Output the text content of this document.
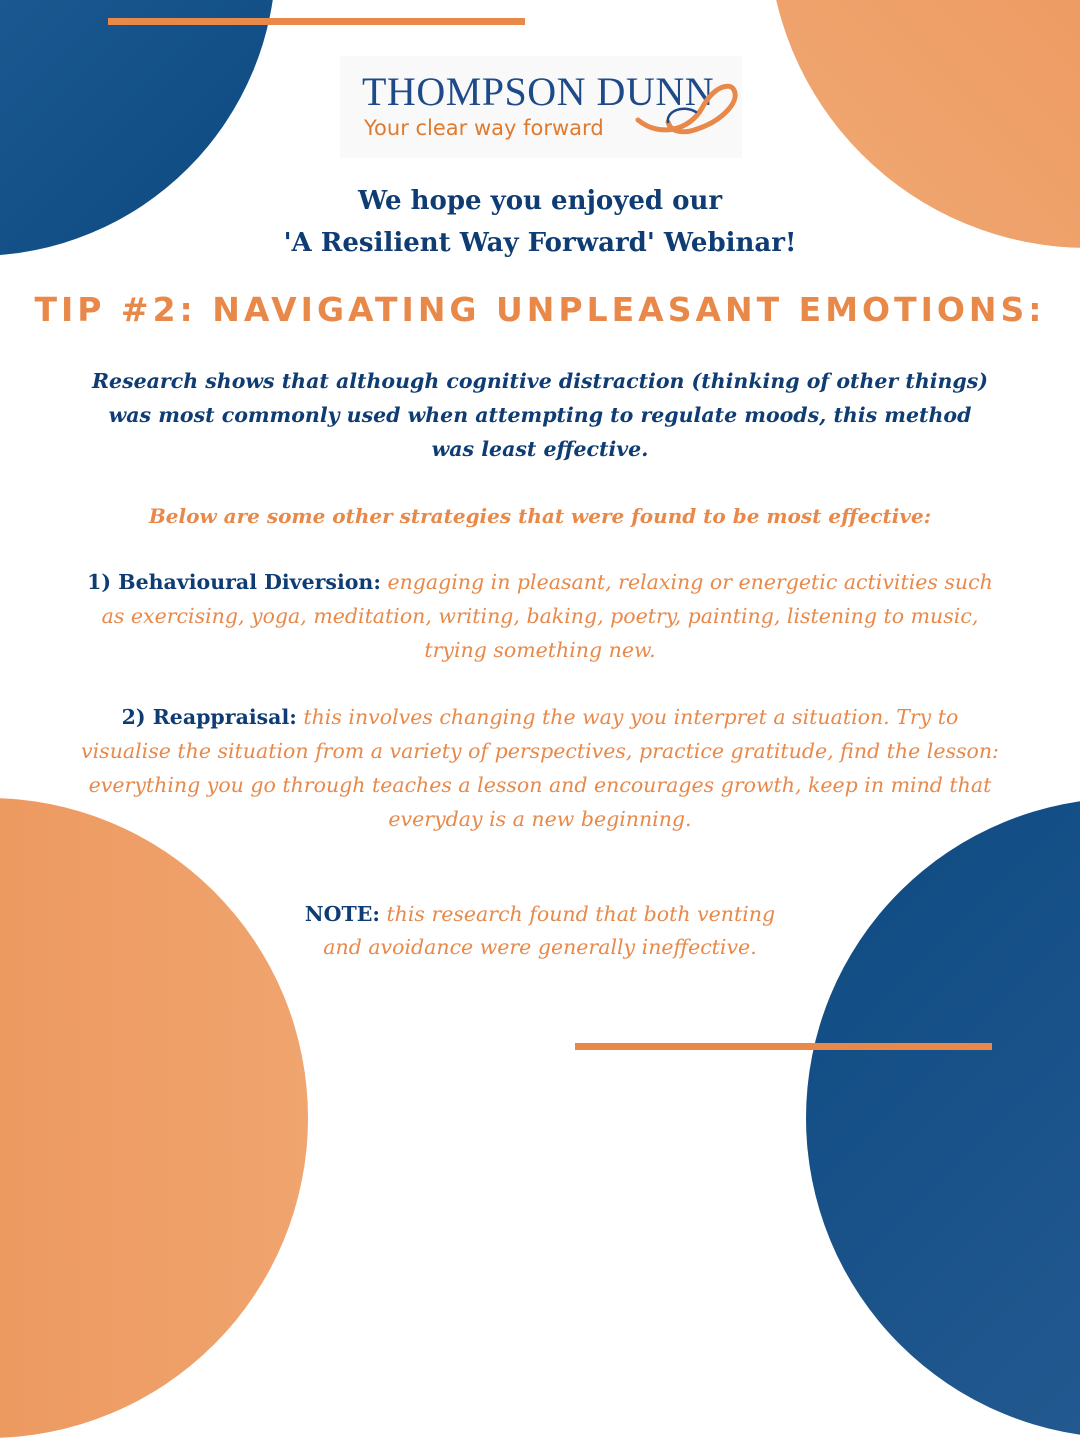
THOMPSON DUNN
Your clear way forward
We hope you enjoyed our
'A Resilient Way Forward' Webinar!
TIP #2: NAVIGATING UNPLEASANT EMOTIONS:
Research shows that although cognitive distraction (thinking of other things) was most commonly used when attempting to regulate moods, this method was least effective.
Below are some other strategies that were found to be most effective:
1) Behavioural Diversion: engaging in pleasant, relaxing or energetic activities such as exercising, yoga, meditation, writing, baking, poetry, painting, listening to music, trying something new.
2) Reappraisal: this involves changing the way you interpret a situation. Try to visualise the situation from a variety of perspectives, practice gratitude, find the lesson: everything you go through teaches a lesson and encourages growth, keep in mind that everyday is a new beginning.
NOTE: this research found that both venting and avoidance were generally ineffective.
